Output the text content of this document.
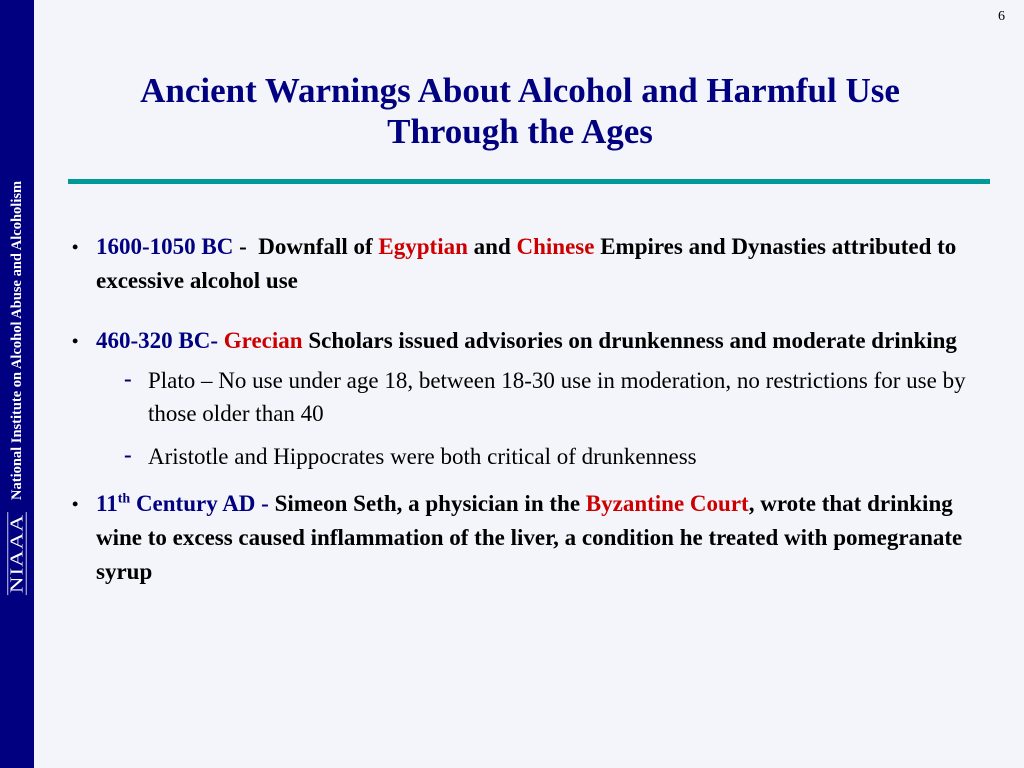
NIAAA
National Institute on Alcohol Abuse and Alcoholism
6
Ancient Warnings About Alcohol and Harmful Use
Through the Ages
• 1600-1050 BC -  Downfall of Egyptian and Chinese Empires and Dynasties attributed to excessive alcohol use
• 460-320 BC- Grecian Scholars issued advisories on drunkenness and moderate drinking
- Plato – No use under age 18, between 18-30 use in moderation, no restrictions for use by those older than 40
- Aristotle and Hippocrates were both critical of drunkenness
• 11th Century AD - Simeon Seth, a physician in the Byzantine Court, wrote that drinking wine to excess caused inflammation of the liver, a condition he treated with pomegranate syrup
